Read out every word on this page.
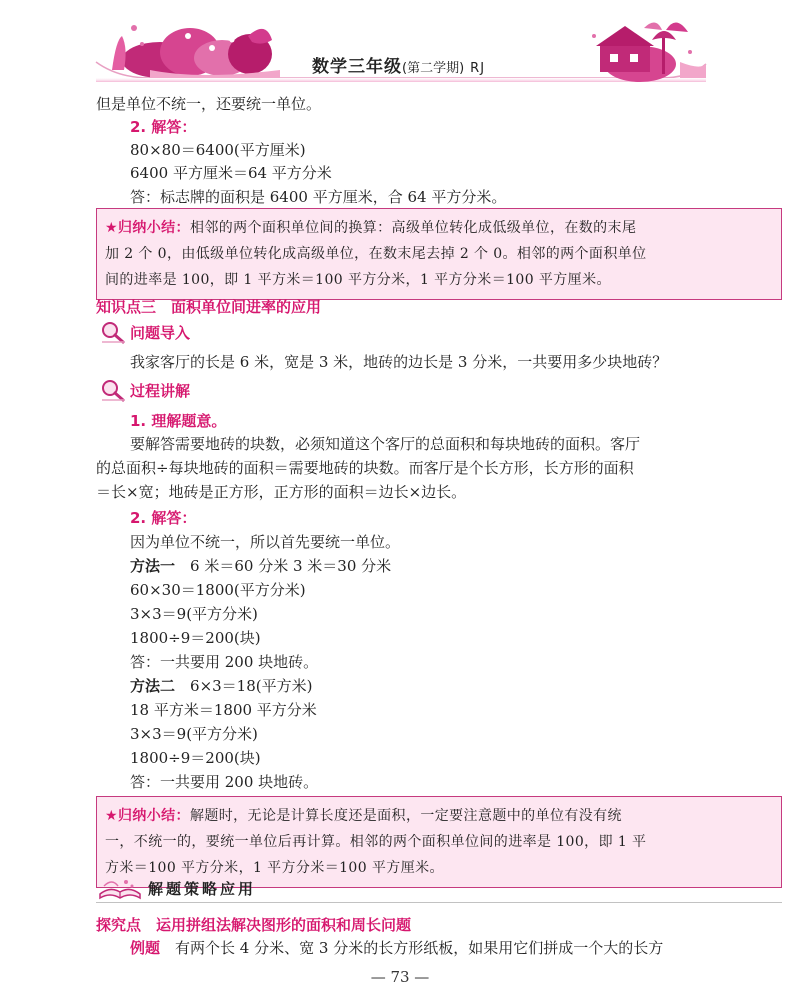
数学三年级(第二学期) RJ
但是单位不统一，还要统一单位。
2. 解答：
80×80＝6400(平方厘米)
6400 平方厘米＝64 平方分米
答：标志牌的面积是 6400 平方厘米，合 64 平方分米。
★归纳小结：相邻的两个面积单位间的换算：高级单位转化成低级单位，在数的末尾
加 2 个 0，由低级单位转化成高级单位，在数末尾去掉 2 个 0。相邻的两个面积单位
间的进率是 100，即 1 平方米＝100 平方分米，1 平方分米＝100 平方厘米。
知识点三　面积单位间进率的应用
问题导入
我家客厅的长是 6 米，宽是 3 米，地砖的边长是 3 分米，一共要用多少块地砖？
过程讲解
1. 理解题意。
要解答需要地砖的块数，必须知道这个客厅的总面积和每块地砖的面积。客厅
的总面积÷每块地砖的面积＝需要地砖的块数。而客厅是个长方形，长方形的面积
＝长×宽；地砖是正方形，正方形的面积＝边长×边长。
2. 解答：
因为单位不统一，所以首先要统一单位。
方法一　 6 米＝60 分米 3 米＝30 分米
60×30＝1800(平方分米)
3×3＝9(平方分米)
1800÷9＝200(块)
答：一共要用 200 块地砖。
方法二　 6×3＝18(平方米)
18 平方米＝1800 平方分米
3×3＝9(平方分米)
1800÷9＝200(块)
答：一共要用 200 块地砖。
★归纳小结：解题时，无论是计算长度还是面积，一定要注意题中的单位有没有统
一，不统一的，要统一单位后再计算。相邻的两个面积单位间的进率是 100，即 1 平
方米＝100 平方分米，1 平方分米＝100 平方厘米。
解题策略应用
探究点　运用拼组法解决图形的面积和周长问题
例题　 有两个长 4 分米、宽 3 分米的长方形纸板，如果用它们拼成一个大的长方
— 73 —
